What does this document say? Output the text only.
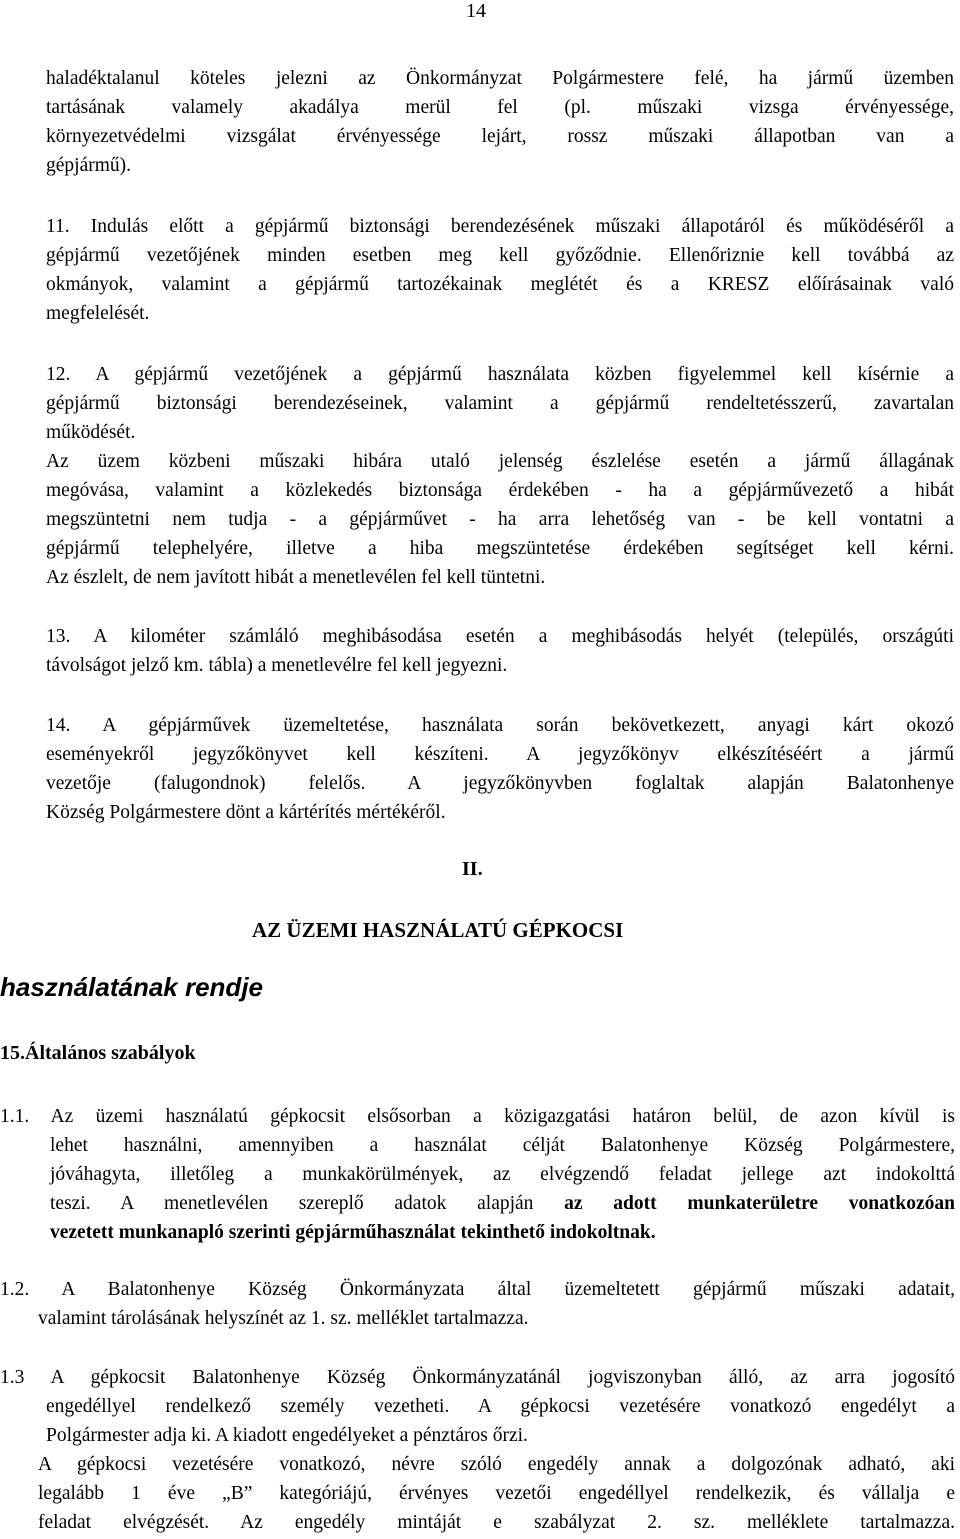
14
haladéktalanul köteles jelezni az Önkormányzat Polgármestere felé, ha jármű üzemben
tartásának valamely akadálya merül fel (pl. műszaki vizsga érvényessége,
környezetvédelmi vizsgálat érvényessége lejárt, rossz műszaki állapotban van a
gépjármű).
11. Indulás előtt a gépjármű biztonsági berendezésének műszaki állapotáról és működéséről a
gépjármű vezetőjének minden esetben meg kell győződnie. Ellenőriznie kell továbbá az
okmányok, valamint a gépjármű tartozékainak meglétét és a KRESZ előírásainak való
megfelelését.
12. A gépjármű vezetőjének a gépjármű használata közben figyelemmel kell kísérnie a
gépjármű biztonsági berendezéseinek, valamint a gépjármű rendeltetésszerű, zavartalan
működését.
Az üzem közbeni műszaki hibára utaló jelenség észlelése esetén a jármű állagának
megóvása, valamint a közlekedés biztonsága érdekében - ha a gépjárművezető a hibát
megszüntetni nem tudja - a gépjárművet - ha arra lehetőség van - be kell vontatni a
gépjármű telephelyére, illetve a hiba megszüntetése érdekében segítséget kell kérni.
Az észlelt, de nem javított hibát a menetlevélen fel kell tüntetni.
13. A kilométer számláló meghibásodása esetén a meghibásodás helyét (település, országúti
távolságot jelző km. tábla) a menetlevélre fel kell jegyezni.
14. A gépjárművek üzemeltetése, használata során bekövetkezett, anyagi kárt okozó
eseményekről jegyzőkönyvet kell készíteni. A jegyzőkönyv elkészítéséért a jármű
vezetője (falugondnok) felelős. A jegyzőkönyvben foglaltak alapján Balatonhenye
Község Polgármestere dönt a kártérítés mértékéről.
II.
AZ ÜZEMI HASZNÁLATÚ GÉPKOCSI
használatának rendje
15.Általános szabályok
1.1. Az üzemi használatú gépkocsit elsősorban a közigazgatási határon belül, de azon kívül is
lehet használni, amennyiben a használat célját Balatonhenye Község Polgármestere,
jóváhagyta, illetőleg a munkakörülmények, az elvégzendő feladat jellege azt indokolttá
teszi. A menetlevélen szereplő adatok alapján az adott munkaterületre vonatkozóan
vezetett munkanapló szerinti gépjárműhasználat tekinthető indokoltnak.
1.2. A Balatonhenye Község Önkormányzata által üzemeltetett gépjármű műszaki adatait,
valamint tárolásának helyszínét az 1. sz. melléklet tartalmazza.
1.3 A gépkocsit Balatonhenye Község Önkormányzatánál jogviszonyban álló, az arra jogosító
engedéllyel rendelkező személy vezetheti. A gépkocsi vezetésére vonatkozó engedélyt a
Polgármester adja ki. A kiadott engedélyeket a pénztáros őrzi.
A gépkocsi vezetésére vonatkozó, névre szóló engedély annak a dolgozónak adható, aki
legalább 1 éve „B” kategóriájú, érvényes vezetői engedéllyel rendelkezik, és vállalja e
feladat elvégzését. Az engedély mintáját e szabályzat 2. sz. melléklete tartalmazza.
